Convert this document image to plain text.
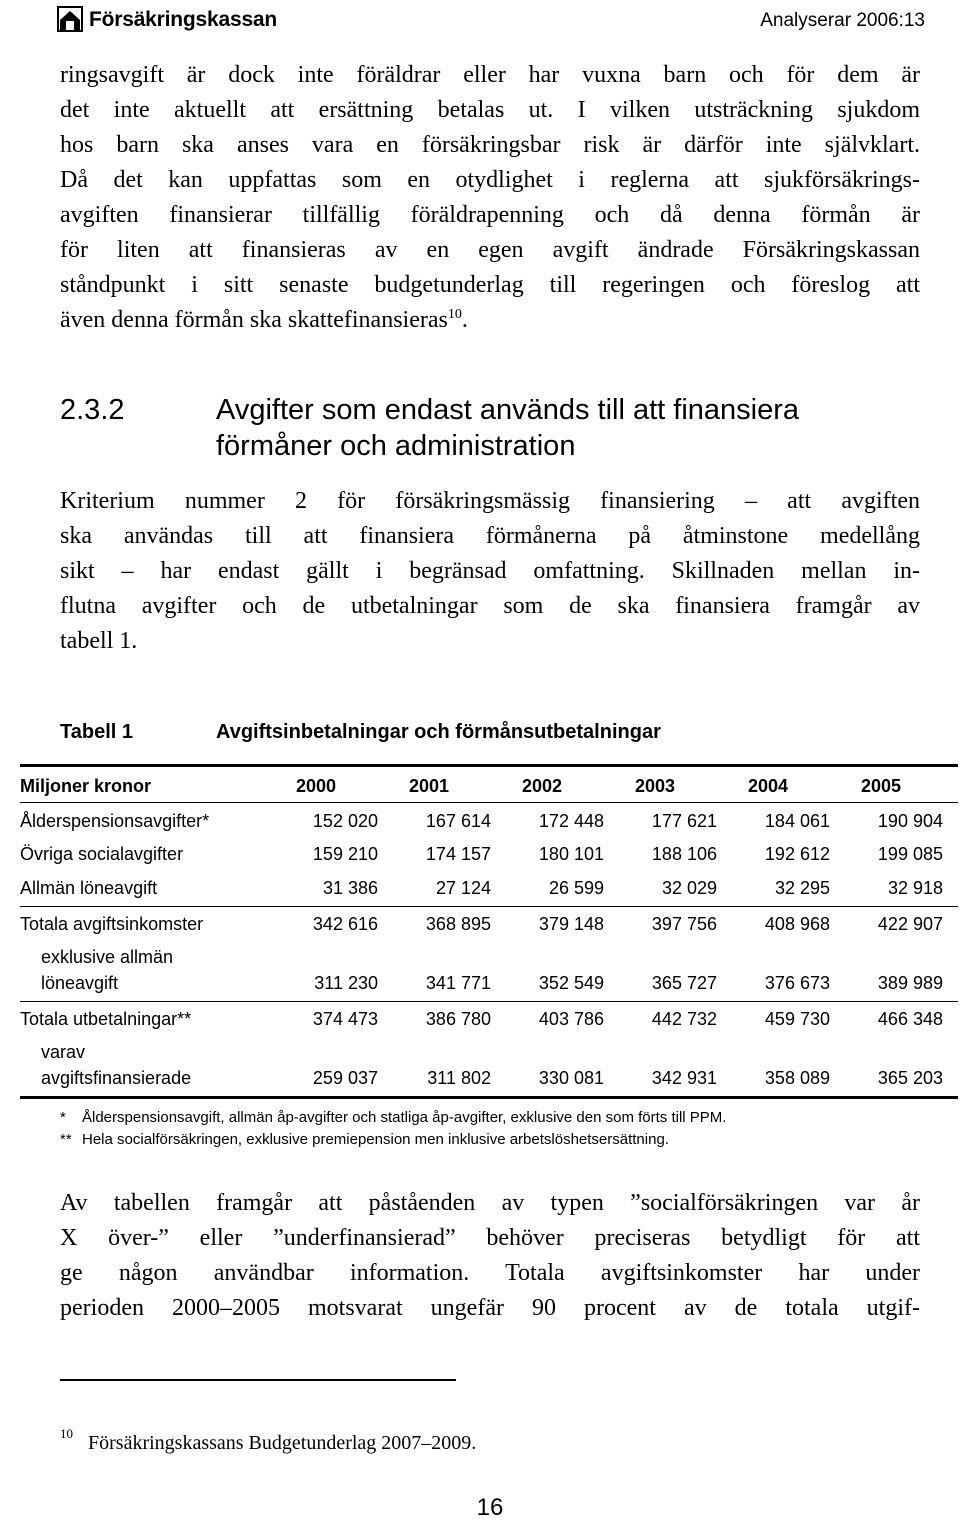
Försäkringskassan	Analyserar 2006:13
ringsavgift är dock inte föräldrar eller har vuxna barn och för dem är
det inte aktuellt att ersättning betalas ut. I vilken utsträckning sjukdom
hos barn ska anses vara en försäkringsbar risk är därför inte självklart.
Då det kan uppfattas som en otydlighet i reglerna att sjukförsäkrings-
avgiften finansierar tillfällig föräldrapenning och då denna förmån är
för liten att finansieras av en egen avgift ändrade Försäkringskassan
ståndpunkt i sitt senaste budgetunderlag till regeringen och föreslog att
även denna förmån ska skattefinansieras$^{10}$.
2.3.2	Avgifter som endast används till att finansiera
förmåner och administration
Kriterium nummer 2 för försäkringsmässig finansiering – att avgiften
ska användas till att finansiera förmånerna på åtminstone medellång
sikt – har endast gällt i begränsad omfattning. Skillnaden mellan in-
flutna avgifter och de utbetalningar som de ska finansiera framgår av
tabell 1.
Tabell 1	Avgiftsinbetalningar och förmånsutbetalningar
Miljoner kronor	2000	2001	2002	2003	2004	2005
Ålderspensionsavgifter*	152 020	167 614	172 448	177 621	184 061	190 904
Övriga socialavgifter	159 210	174 157	180 101	188 106	192 612	199 085
Allmän löneavgift	31 386	27 124	26 599	32 029	32 295	32 918
Totala avgiftsinkomster	342 616	368 895	379 148	397 756	408 968	422 907
exklusive allmän
löneavgift	311 230	341 771	352 549	365 727	376 673	389 989
Totala utbetalningar**	374 473	386 780	403 786	442 732	459 730	466 348
varav
avgiftsfinansierade	259 037	311 802	330 081	342 931	358 089	365 203
* Ålderspensionsavgift, allmän åp-avgifter och statliga åp-avgifter, exklusive den som förts till PPM.
** Hela socialförsäkringen, exklusive premiepension men inklusive arbetslöshetsersättning.
Av tabellen framgår att påståenden av typen ”socialförsäkringen var år
X över-” eller ”underfinansierad” behöver preciseras betydligt för att
ge någon användbar information. Totala avgiftsinkomster har under
perioden 2000–2005 motsvarat ungefär 90 procent av de totala utgif-
$^{10}$ Försäkringskassans Budgetunderlag 2007–2009.
16
